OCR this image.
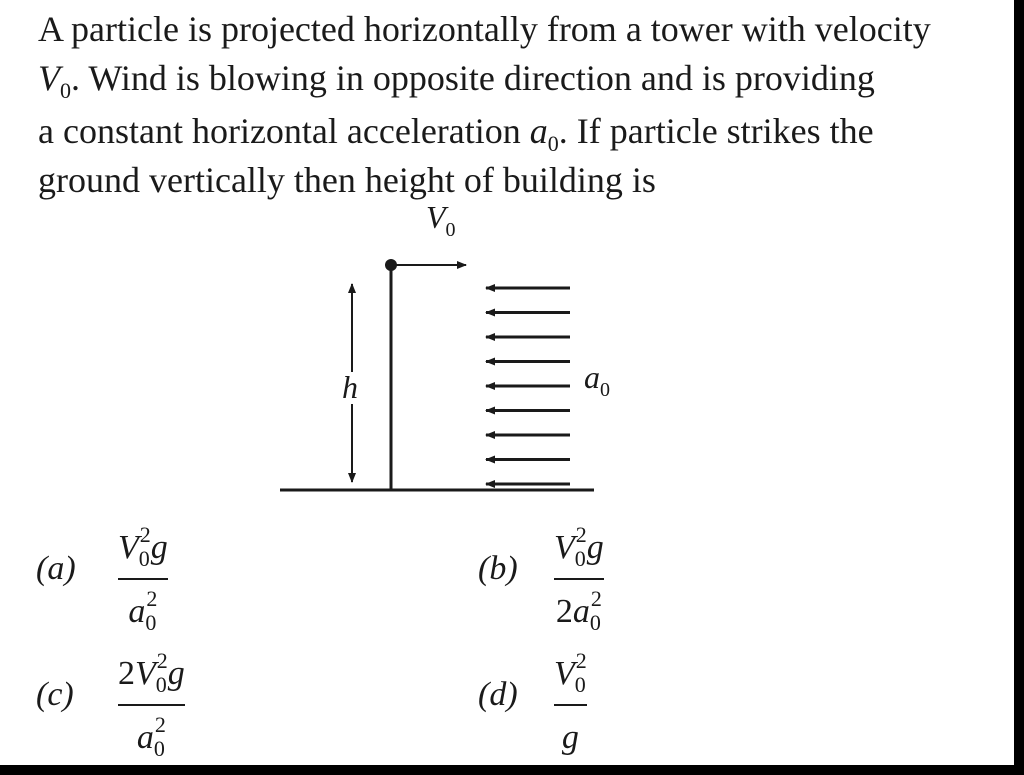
A particle is projected horizontally from a tower with velocity
$V_0$. Wind is blowing in opposite direction and is providing
a constant horizontal acceleration $a_0$. If particle strikes the
ground vertically then height of building is
$V_0$
h	$a_0$
(a)
$V_0^2g$
$a_0^2$
(b)
$V_0^2g$
$2a_0^2$
(c)
$2V_0^2g$
$a_0^2$
(d)
$V_0^2$
g
